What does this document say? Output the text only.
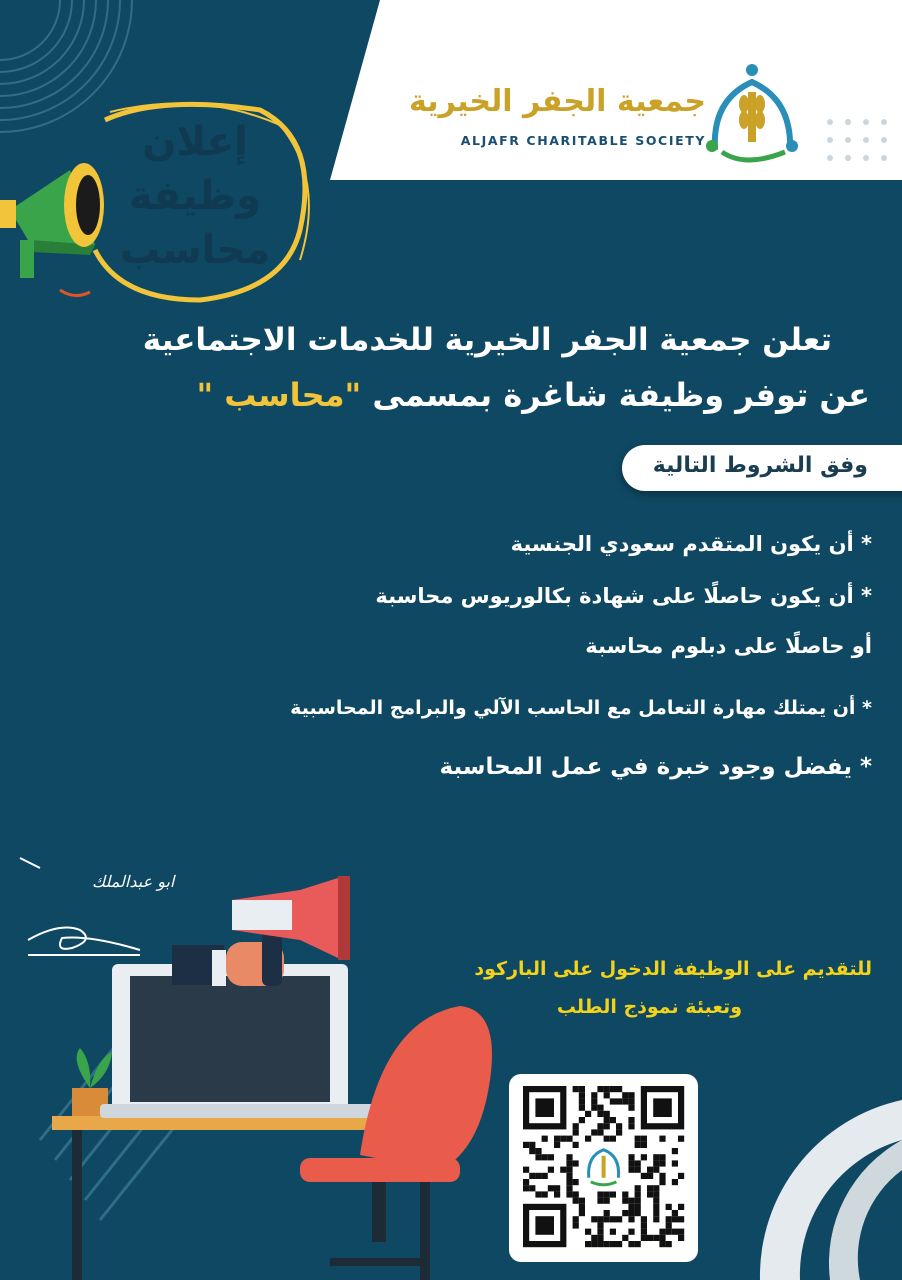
جمعية الجفر الخيرية
ALJAFR CHARITABLE SOCIETY
إعلان
وظيفة
محاسب
تعلن جمعية الجفر الخيرية للخدمات الاجتماعية
عن توفر وظيفة شاغرة بمسمى "محاسب "
وفق الشروط التالية
* أن يكون المتقدم سعودي الجنسية
* أن يكون حاصلًا على شهادة بكالوريوس محاسبة
أو حاصلًا على دبلوم محاسبة
* أن يمتلك مهارة التعامل مع الحاسب الآلي والبرامج المحاسبية
* يفضل وجود خبرة في عمل المحاسبة
ابو عبدالملك
للتقديم على الوظيفة الدخول على الباركود
وتعبئة نموذج الطلب
